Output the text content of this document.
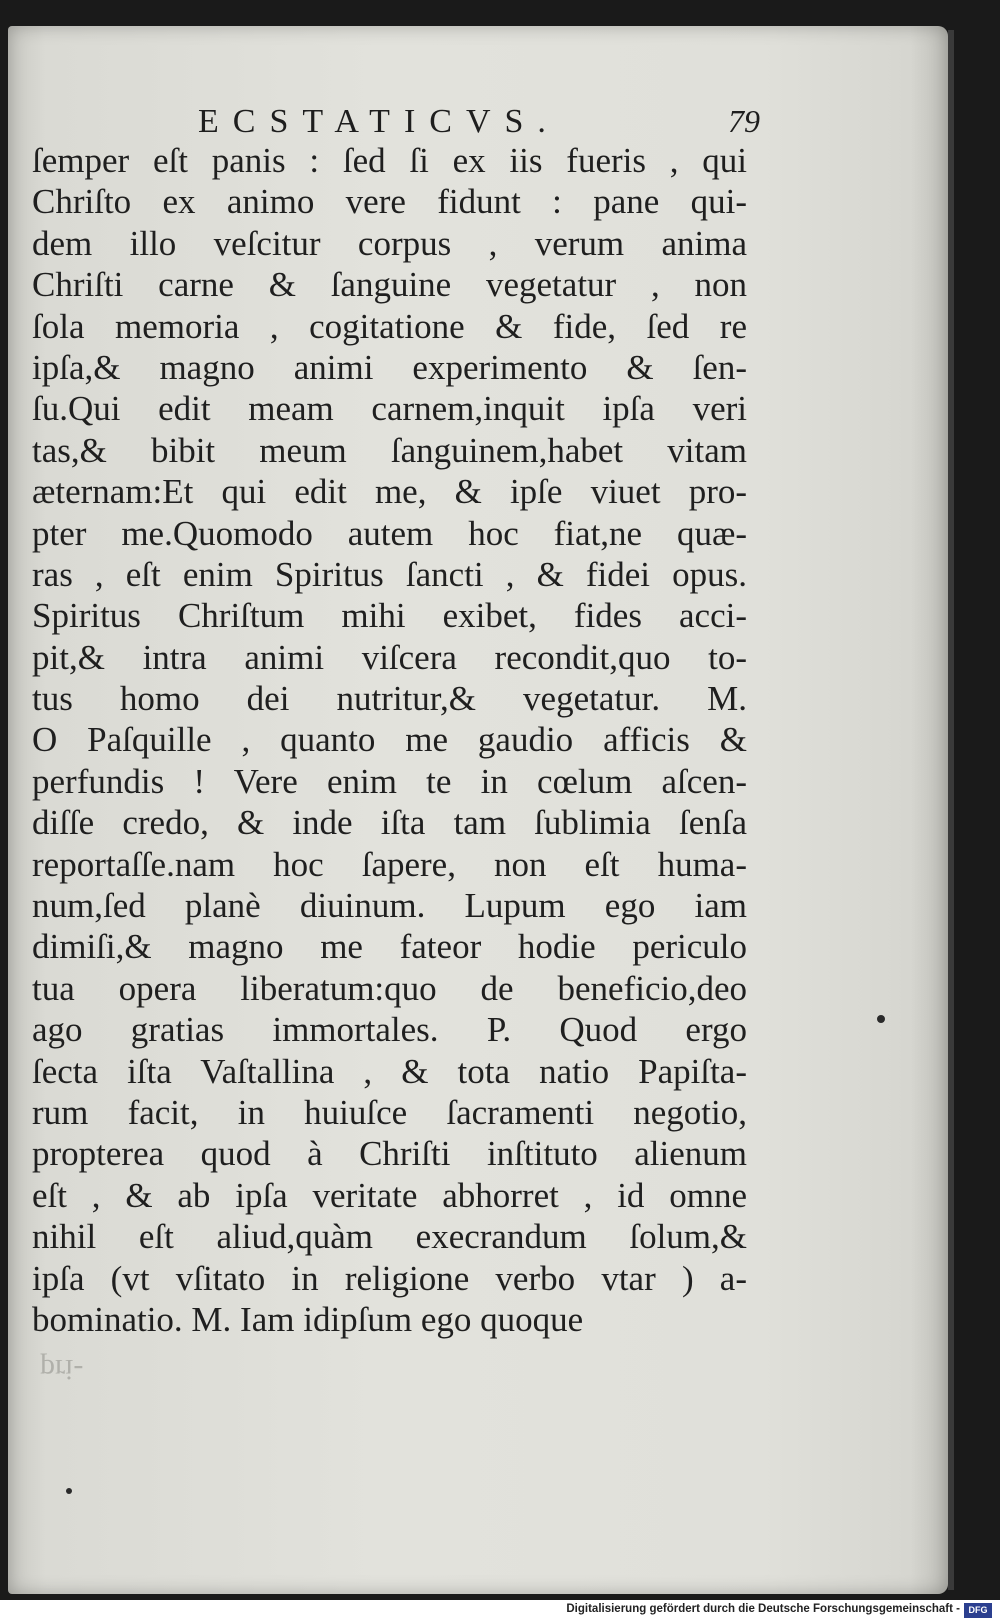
ECSTATICVS.	79
ſemper eſt panis : ſed ſi ex iis fueris , qui
Chriſto ex animo vere fidunt : pane qui-
dem illo veſcitur corpus , verum anima
Chriſti carne & ſanguine vegetatur , non
ſola memoria , cogitatione & fide, ſed re
ipſa,& magno animi experimento & ſen-
ſu.Qui edit meam carnem,inquit ipſa veri
tas,& bibit meum ſanguinem,habet vitam
æternam:Et qui edit me, & ipſe viuet pro-
pter me.Quomodo autem hoc fiat,ne quæ-
ras , eſt enim Spiritus ſancti , & fidei opus.
Spiritus Chriſtum mihi exibet, fides acci-
pit,& intra animi viſcera recondit,quo to-
tus homo dei nutritur,& vegetatur. M.
O Paſquille , quanto me gaudio afficis &
perfundis ! Vere enim te in cœlum aſcen-
diſſe credo, & inde iſta tam ſublimia ſenſa
reportaſſe.nam hoc ſapere, non eſt huma-
num,ſed planè diuinum. Lupum ego iam
dimiſi,& magno me fateor hodie periculo
tua opera liberatum:quo de beneficio,deo
ago gratias immortales. P. Quod ergo
ſecta iſta Vaſtallina , & tota natio Papiſta-
rum facit, in huiuſce ſacramenti negotio,
propterea quod à Chriſti inſtituto alienum
eſt , & ab ipſa veritate abhorret , id omne
nihil eſt aliud,quàm execrandum ſolum,&
ipſa (vt vſitato in religione verbo vtar ) a-
bominatio. M. Iam idipſum ego quoque
pri-
Digitalisierung gefördert durch die Deutsche Forschungsgemeinschaft - DFG
